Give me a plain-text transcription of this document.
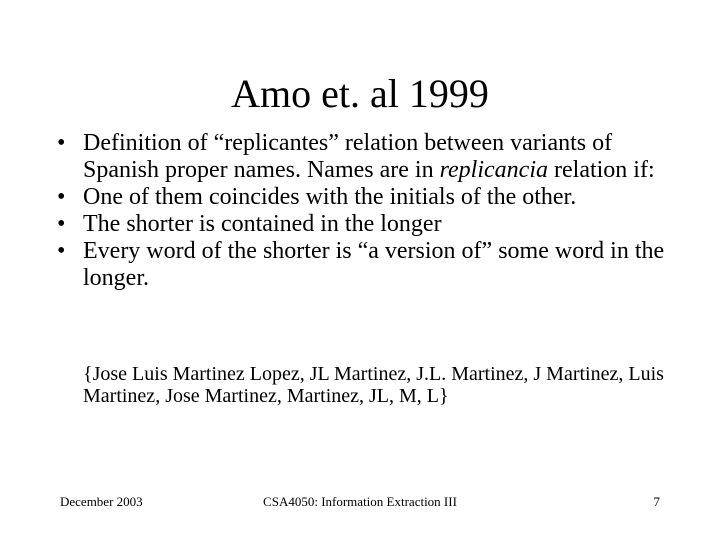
Amo et. al 1999
• Definition of “replicantes” relation between variants of Spanish proper names. Names are in replicancia relation if:
• One of them coincides with the initials of the other.
• The shorter is contained in the longer
• Every word of the shorter is “a version of” some word in the longer.
{Jose Luis Martinez Lopez, JL Martinez, J.L. Martinez, J Martinez, Luis Martinez, Jose Martinez, Martinez, JL, M, L}
December 2003	CSA4050: Information Extraction III	7
